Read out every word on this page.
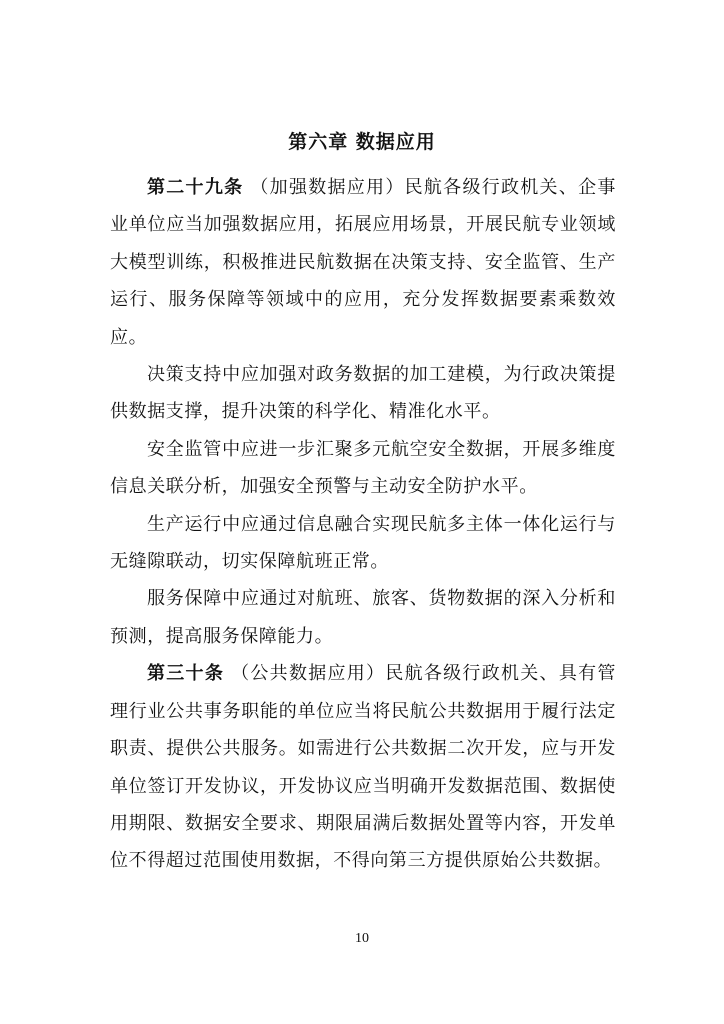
第六章 数据应用

第二十九条 （加强数据应用）民航各级行政机关、企事业单位应当加强数据应用，拓展应用场景，开展民航专业领域大模型训练，积极推进民航数据在决策支持、安全监管、生产运行、服务保障等领域中的应用，充分发挥数据要素乘数效应。

决策支持中应加强对政务数据的加工建模，为行政决策提供数据支撑，提升决策的科学化、精准化水平。

安全监管中应进一步汇聚多元航空安全数据，开展多维度信息关联分析，加强安全预警与主动安全防护水平。

生产运行中应通过信息融合实现民航多主体一体化运行与无缝隙联动，切实保障航班正常。

服务保障中应通过对航班、旅客、货物数据的深入分析和预测，提高服务保障能力。

第三十条 （公共数据应用）民航各级行政机关、具有管理行业公共事务职能的单位应当将民航公共数据用于履行法定职责、提供公共服务。如需进行公共数据二次开发，应与开发单位签订开发协议，开发协议应当明确开发数据范围、数据使用期限、数据安全要求、期限届满后数据处置等内容，开发单位不得超过范围使用数据，不得向第三方提供原始公共数据。

10
